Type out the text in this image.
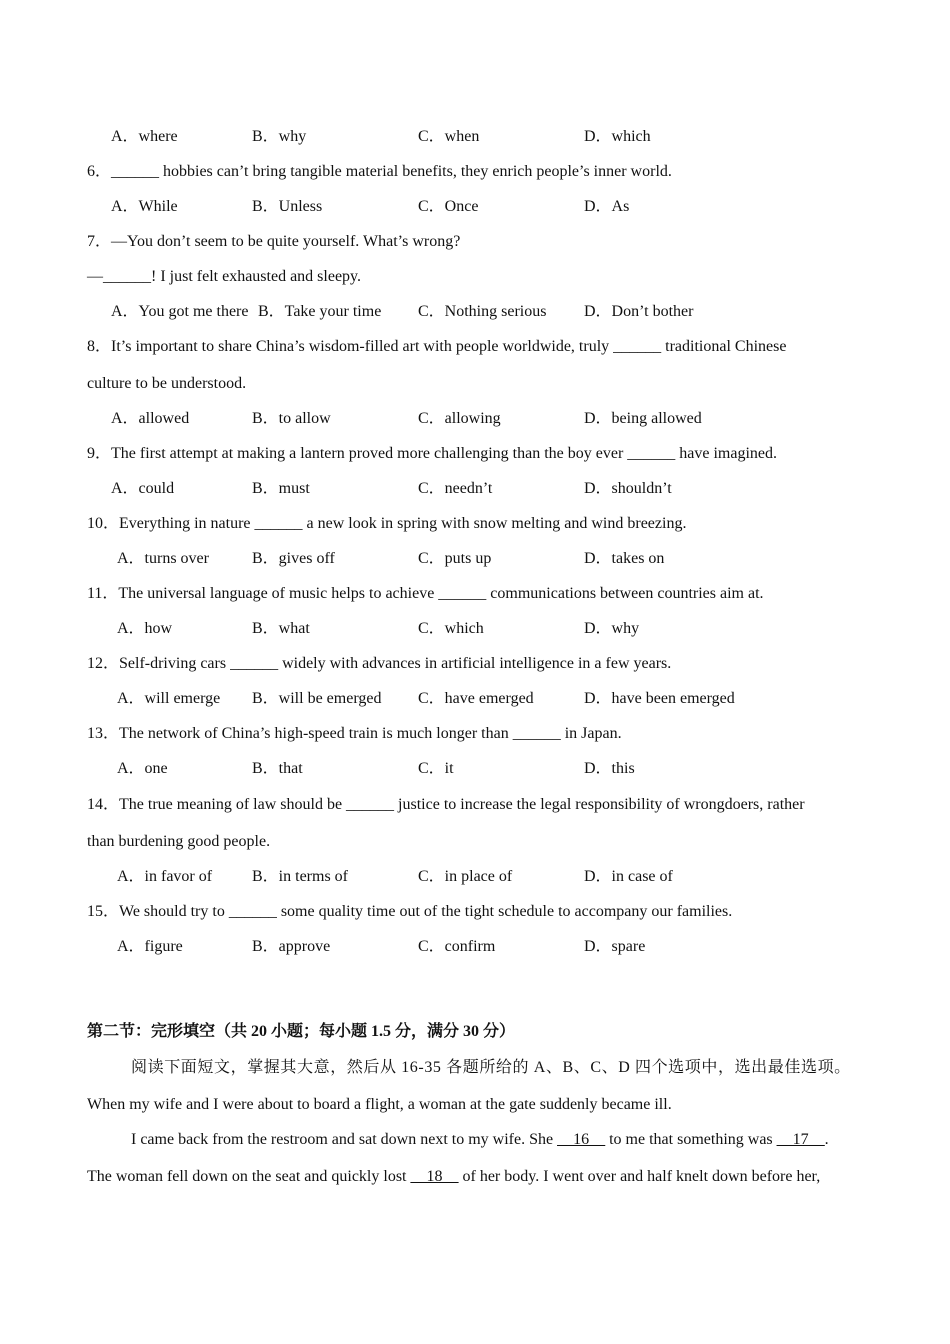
A．where	B．why	C．when	D．which
6．______ hobbies can’t bring tangible material benefits, they enrich people’s inner world.
A．While	B．Unless	C．Once	D．As
7．—You don’t seem to be quite yourself. What’s wrong?
—______! I just felt exhausted and sleepy.
A．You got me there B．Take your time C．Nothing serious D．Don’t bother
8．It’s important to share China’s wisdom-filled art with people worldwide, truly ______ traditional Chinese
culture to be understood.
A．allowed	B．to allow	C．allowing	D．being allowed
9．The first attempt at making a lantern proved more challenging than the boy ever ______ have imagined.
A．could	B．must	C．needn’t	D．shouldn’t
10．Everything in nature ______ a new look in spring with snow melting and wind breezing.
A．turns over	B．gives off	C．puts up	D．takes on
11．The universal language of music helps to achieve ______ communications between countries aim at.
A．how	B．what	C．which	D．why
12．Self-driving cars ______ widely with advances in artificial intelligence in a few years.
A．will emerge B．will be emerged C．have emerged	D．have been emerged
13．The network of China’s high-speed train is much longer than ______ in Japan.
A．one	B．that	C．it	D．this
14．The true meaning of law should be ______ justice to increase the legal responsibility of wrongdoers, rather
than burdening good people.
A．in favor of B．in terms of	C．in place of	D．in case of
15．We should try to ______ some quality time out of the tight schedule to accompany our families.
A．figure	B．approve	C．confirm	D．spare
第二节：完形填空（共 20 小题；每小题 1.5 分，满分 30 分）
阅读下面短文，掌握其大意，然后从 16-35 各题所给的 A、B、C、D 四个选项中，选出最佳选项。
When my wife and I were about to board a flight, a woman at the gate suddenly became ill.
I came back from the restroom and sat down next to my wife. She __16__ to me that something was __17__.
The woman fell down on the seat and quickly lost __18__ of her body. I went over and half knelt down before her,
